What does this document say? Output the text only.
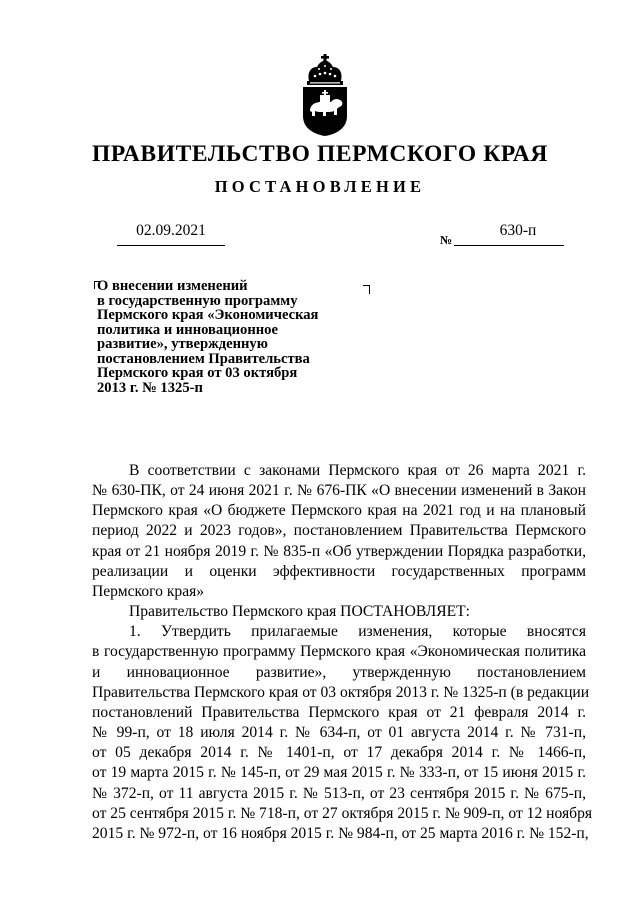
ПРАВИТЕЛЬСТВО ПЕРМСКОГО КРАЯ
ПОСТАНОВЛЕНИЕ
02.09.2021
№
630-п
О внесении изменений
в государственную программу
Пермского края «Экономическая
политика и инновационное
развитие», утвержденную
постановлением Правительства
Пермского края от 03 октября
2013 г. № 1325-п
В соответствии с законами Пермского края от 26 марта 2021 г.
№ 630-ПК, от 24 июня 2021 г. № 676-ПК «О внесении изменений в Закон
Пермского края «О бюджете Пермского края на 2021 год и на плановый
период 2022 и 2023 годов», постановлением Правительства Пермского
края от 21 ноября 2019 г. № 835-п «Об утверждении Порядка разработки,
реализации и оценки эффективности государственных программ
Пермского края»
Правительство Пермского края ПОСТАНОВЛЯЕТ:
1. Утвердить прилагаемые изменения, которые вносятся
в государственную программу Пермского края «Экономическая политика
и инновационное развитие», утвержденную постановлением
Правительства Пермского края от 03 октября 2013 г. № 1325-п (в редакции
постановлений Правительства Пермского края от 21 февраля 2014 г.
№ 99-п, от 18 июля 2014 г. № 634-п, от 01 августа 2014 г. № 731-п,
от 05 декабря 2014 г. № 1401-п, от 17 декабря 2014 г. № 1466-п,
от 19 марта 2015 г. № 145-п, от 29 мая 2015 г. № 333-п, от 15 июня 2015 г.
№ 372-п, от 11 августа 2015 г. № 513-п, от 23 сентября 2015 г. № 675-п,
от 25 сентября 2015 г. № 718-п, от 27 октября 2015 г. № 909-п, от 12 ноября
2015 г. № 972-п, от 16 ноября 2015 г. № 984-п, от 25 марта 2016 г. № 152-п,
